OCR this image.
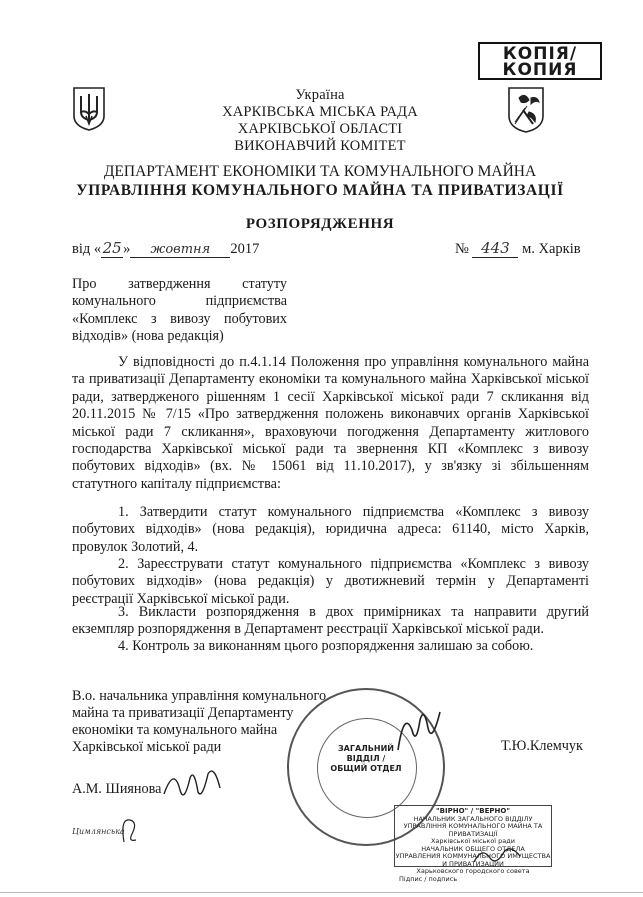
КОПІЯ/
КОПИЯ
Україна
ХАРКІВСЬКА МІСЬКА РАДА
ХАРКІВСЬКОЇ ОБЛАСТІ
ВИКОНАВЧИЙ КОМІТЕТ
ДЕПАРТАМЕНТ ЕКОНОМІКИ ТА КОМУНАЛЬНОГО МАЙНА
УПРАВЛІННЯ КОМУНАЛЬНОГО МАЙНА ТА ПРИВАТИЗАЦІЇ
РОЗПОРЯДЖЕННЯ
від «25» жовтня 2017	№ 443 м. Харків
Про затвердження статуту
комунального підприємства
«Комплекс з вивозу побутових
відходів» (нова редакція)
У відповідності до п.4.1.14 Положення про управління комунального майна та приватизації Департаменту економіки та комунального майна Харківської міської ради, затвердженого рішенням 1 сесії Харківської міської ради 7 скликання від 20.11.2015 № 7/15 «Про затвердження положень виконавчих органів Харківської міської ради 7 скликання», враховуючи погодження Департаменту житлового господарства Харківської міської ради та звернення КП «Комплекс з вивозу побутових відходів» (вх. № 15061 від 11.10.2017), у зв'язку зі збільшенням статутного капіталу підприємства:
1. Затвердити статут комунального підприємства «Комплекс з вивозу побутових відходів» (нова редакція), юридична адреса: 61140, місто Харків, провулок Золотий, 4.
2. Зареєструвати статут комунального підприємства «Комплекс з вивозу побутових відходів» (нова редакція) у двотижневий термін у Департаменті реєстрації Харківської міської ради.
3. Викласти розпорядження в двох примірниках та направити другий екземпляр розпорядження в Департамент реєстрації Харківської міської ради.
4. Контроль за виконанням цього розпорядження залишаю за собою.
В.о. начальника управління комунального
майна та приватизації Департаменту
економіки та комунального майна
Харківської міської ради	Т.Ю.Клемчук
ЗАГАЛЬНИЙ
ВІДДІЛ /
ОБЩИЙ ОТДЕЛ
А.М. Шиянова
Цимлянська
"ВІРНО" / "ВЕРНО"
НАЧАЛЬНИК ЗАГАЛЬНОГО ВІДДІЛУ
УПРАВЛІННЯ КОМУНАЛЬНОГО МАЙНА ТА ПРИВАТИЗАЦІЇ
Харківської міської ради
НАЧАЛЬНИК ОБЩЕГО ОТДЕЛА
УПРАВЛЕНИЯ КОММУНАЛЬНОГО ИМУЩЕСТВА И ПРИВАТИЗАЦИИ
Харьковского городского совета
Підпис / подпись
